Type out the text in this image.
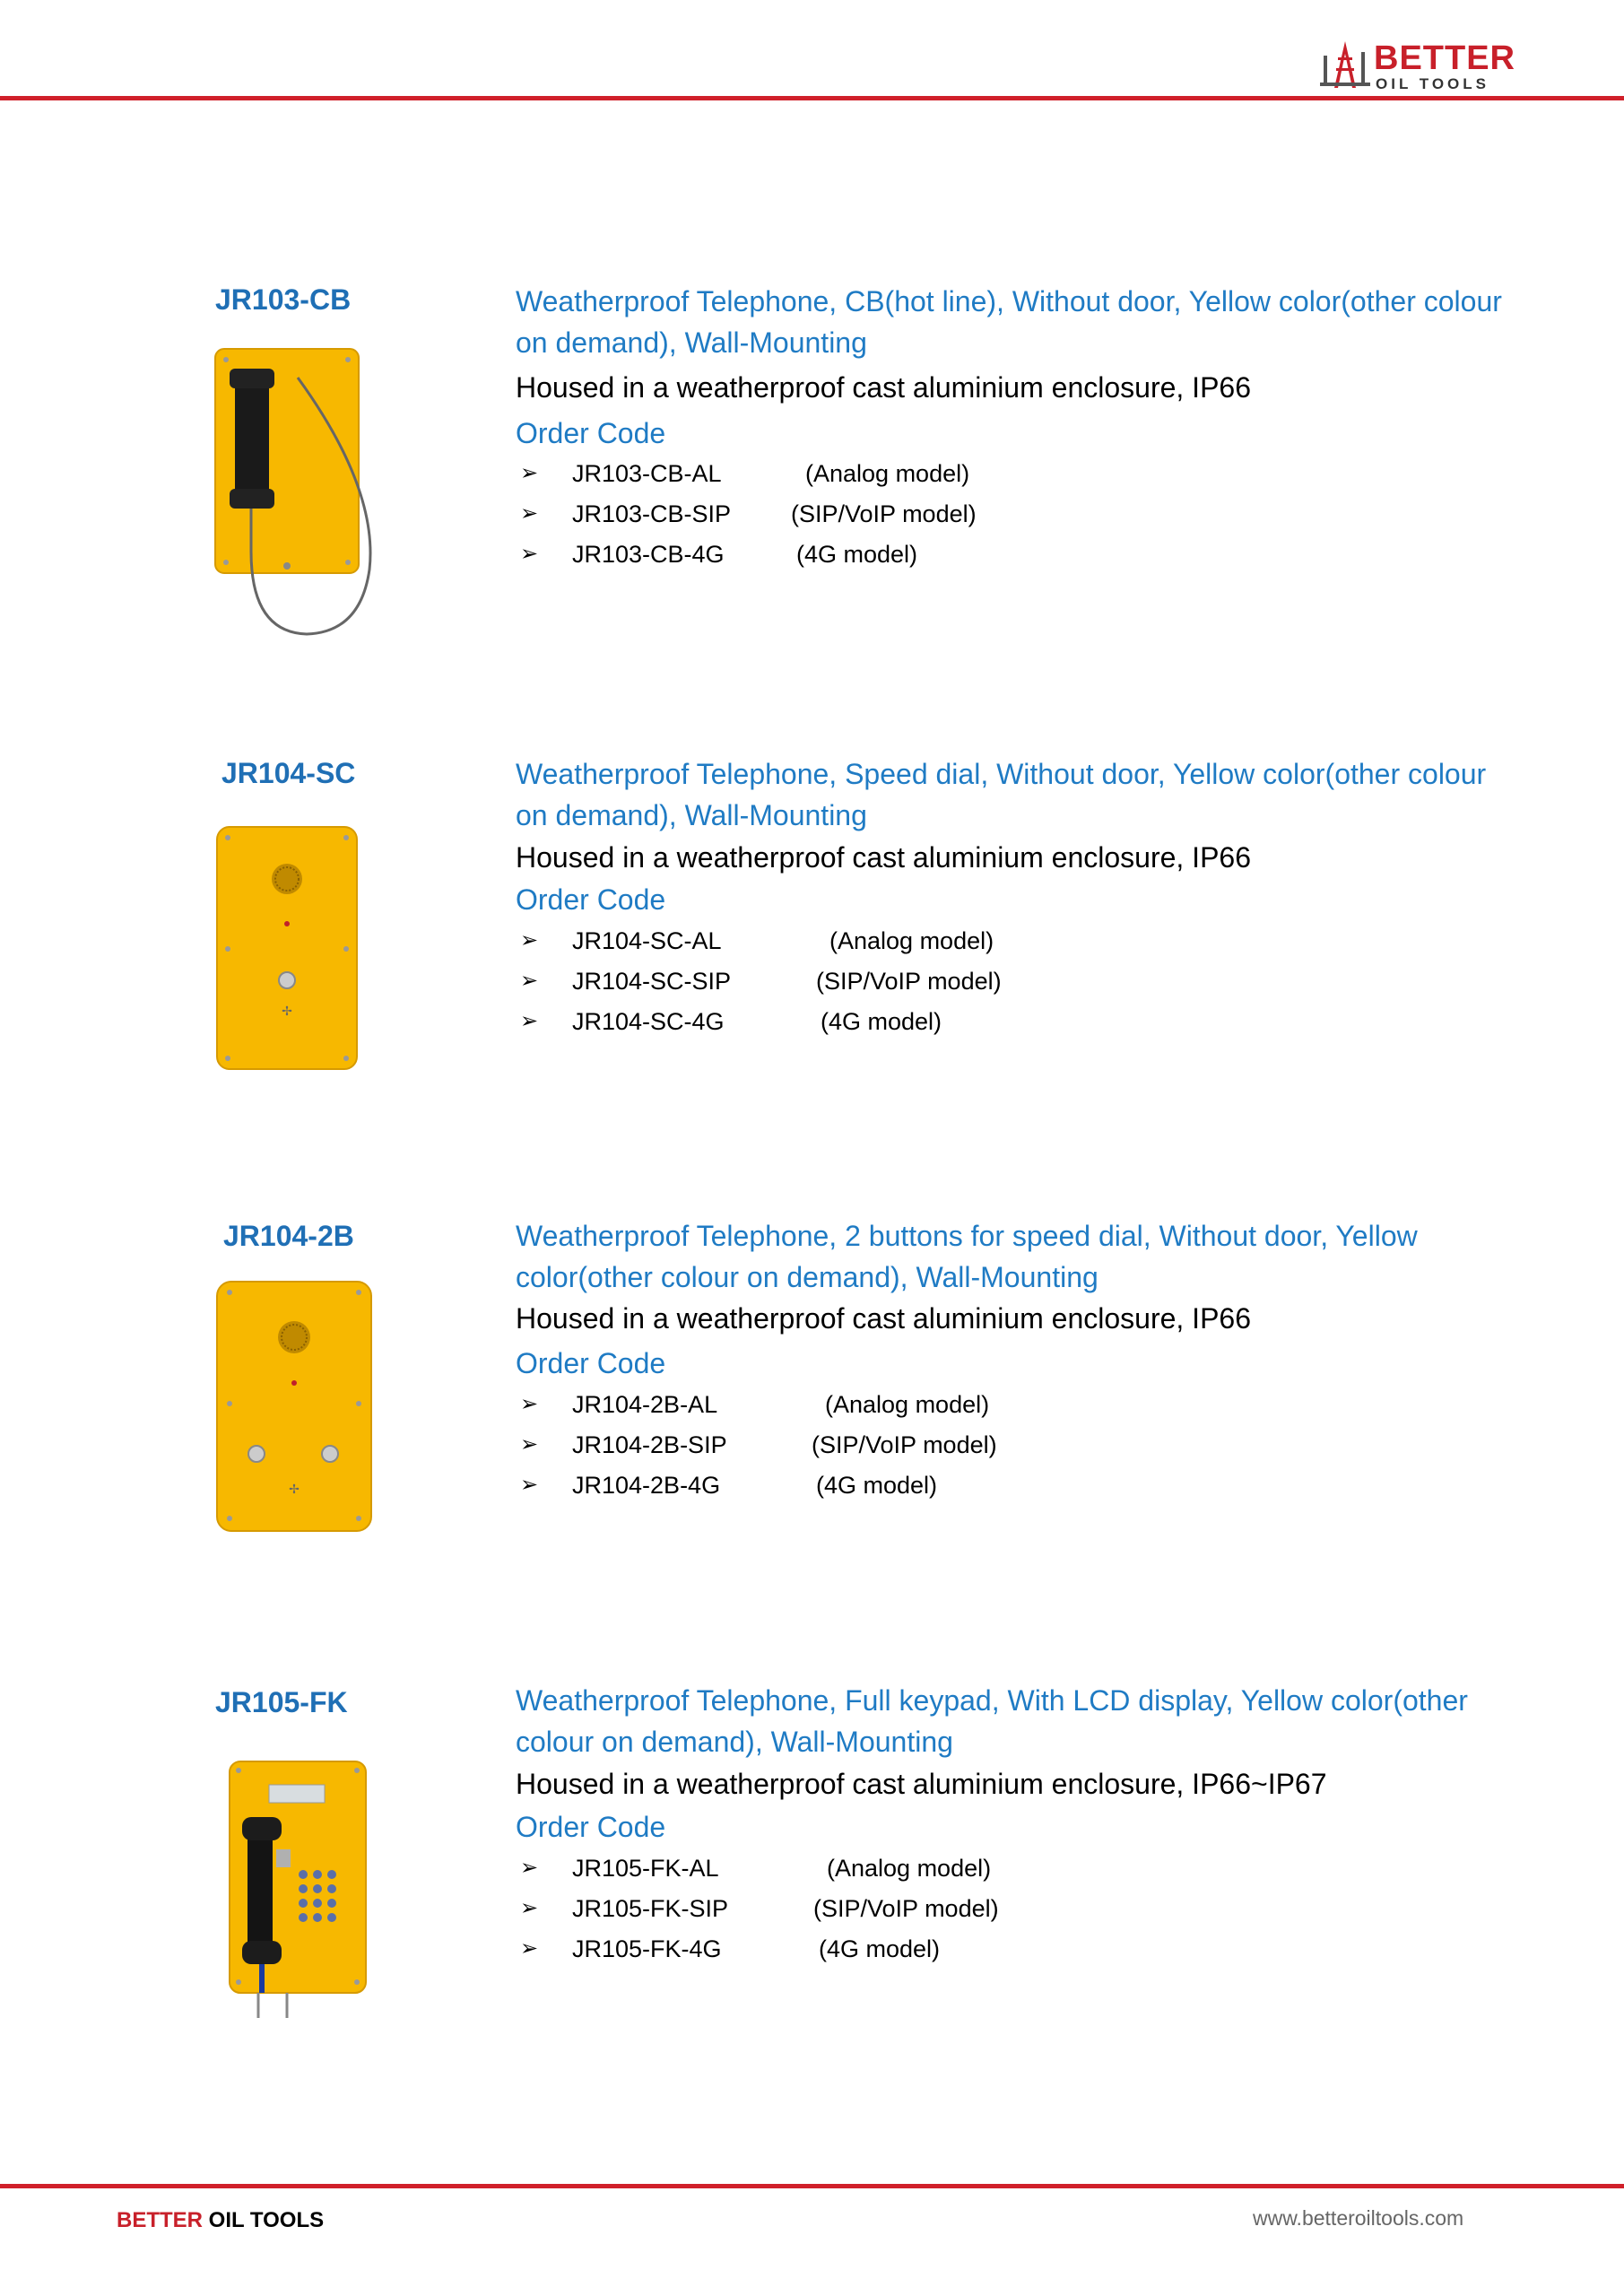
BETTER
OIL TOOLS
JR103-CB	Weatherproof Telephone, CB(hot line), Without door, Yellow color(other colour on demand), Wall-Mounting
Housed in a weatherproof cast aluminium enclosure, IP66
Order Code
➢ JR103-CB-AL	(Analog model)
➢ JR103-CB-SIP (SIP/VoIP model)
➢ JR103-CB-4G	(4G model)
JR104-SC
✢
Weatherproof Telephone, Speed dial, Without door, Yellow color(other colour on demand), Wall-Mounting
Housed in a weatherproof cast aluminium enclosure, IP66
Order Code
➢ JR104-SC-AL	(Analog model)
➢ JR104-SC-SIP	(SIP/VoIP model)
➢ JR104-SC-4G	(4G model)
JR104-2B
✢
Weatherproof Telephone, 2 buttons for speed dial, Without door, Yellow color(other colour on demand), Wall-Mounting
Housed in a weatherproof cast aluminium enclosure, IP66
Order Code
➢ JR104-2B-AL	(Analog model)
➢ JR104-2B-SIP	(SIP/VoIP model)
➢ JR104-2B-4G	(4G model)
JR105-FK	Weatherproof Telephone, Full keypad, With LCD display, Yellow color(other colour on demand), Wall-Mounting
Housed in a weatherproof cast aluminium enclosure, IP66~IP67
Order Code
➢ JR105-FK-AL	(Analog model)
➢ JR105-FK-SIP	(SIP/VoIP model)
➢ JR105-FK-4G	(4G model)
BETTER OIL TOOLS	www.betteroiltools.com
